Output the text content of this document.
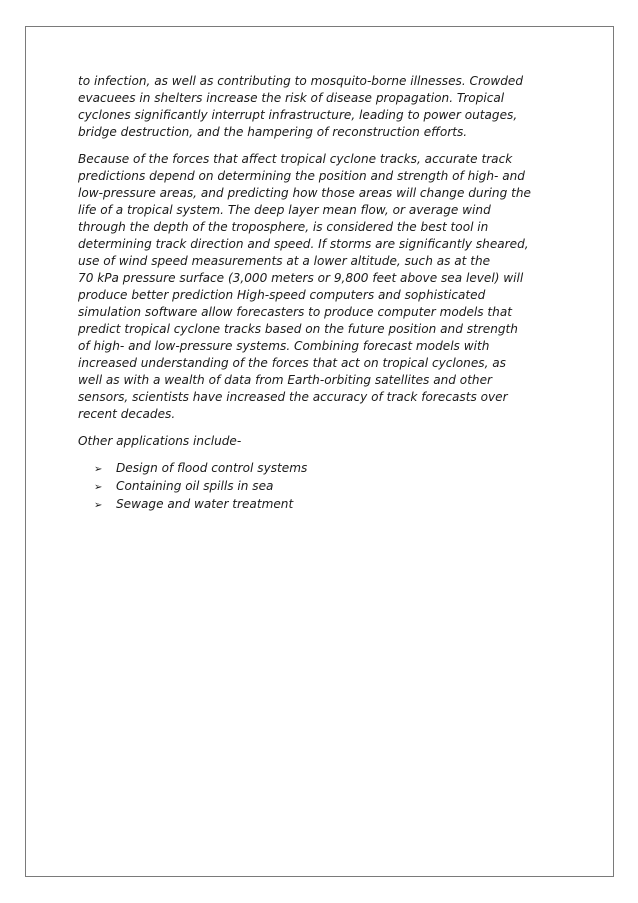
to infection, as well as contributing to mosquito-borne illnesses. Crowded
evacuees in shelters increase the risk of disease propagation. Tropical
cyclones significantly interrupt infrastructure, leading to power outages,
bridge destruction, and the hampering of reconstruction efforts.

Because of the forces that affect tropical cyclone tracks, accurate track
predictions depend on determining the position and strength of high- and
low-pressure areas, and predicting how those areas will change during the
life of a tropical system. The deep layer mean flow, or average wind
through the depth of the troposphere, is considered the best tool in
determining track direction and speed. If storms are significantly sheared,
use of wind speed measurements at a lower altitude, such as at the
70 kPa pressure surface (3,000 meters or 9,800 feet above sea level) will
produce better prediction High-speed computers and sophisticated
simulation software allow forecasters to produce computer models that
predict tropical cyclone tracks based on the future position and strength
of high- and low-pressure systems. Combining forecast models with
increased understanding of the forces that act on tropical cyclones, as
well as with a wealth of data from Earth-orbiting satellites and other
sensors, scientists have increased the accuracy of track forecasts over
recent decades.

Other applications include-

➢	Design of flood control systems
➢	Containing oil spills in sea
➢	Sewage and water treatment
